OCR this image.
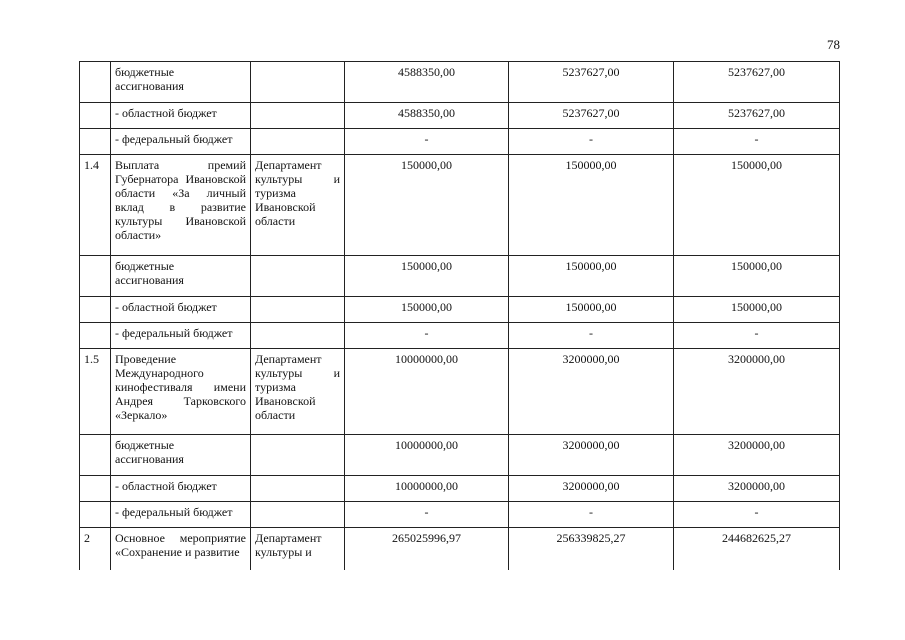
78
	бюджетные ассигнования		4588350,00	5237627,00	5237627,00
	- областной бюджет		4588350,00	5237627,00	5237627,00
	- федеральный бюджет		-	-	-
1.4	Выплата премий Губернатора Ивановской области «За личный вклад в развитие культуры Ивановской области»	Департамент культуры и туризма Ивановской области	150000,00	150000,00	150000,00
	бюджетные ассигнования		150000,00	150000,00	150000,00
	- областной бюджет		150000,00	150000,00	150000,00
	- федеральный бюджет		-	-	-
1.5	Проведение Международного кинофестиваля имени Андрея Тарковского «Зеркало»	Департамент культуры и туризма Ивановской области	10000000,00	3200000,00	3200000,00
	бюджетные ассигнования		10000000,00	3200000,00	3200000,00
	- областной бюджет		10000000,00	3200000,00	3200000,00
	- федеральный бюджет		-	-	-
2	Основное мероприятие «Сохранение и развитие	Департамент культуры и	265025996,97	256339825,27	244682625,27
